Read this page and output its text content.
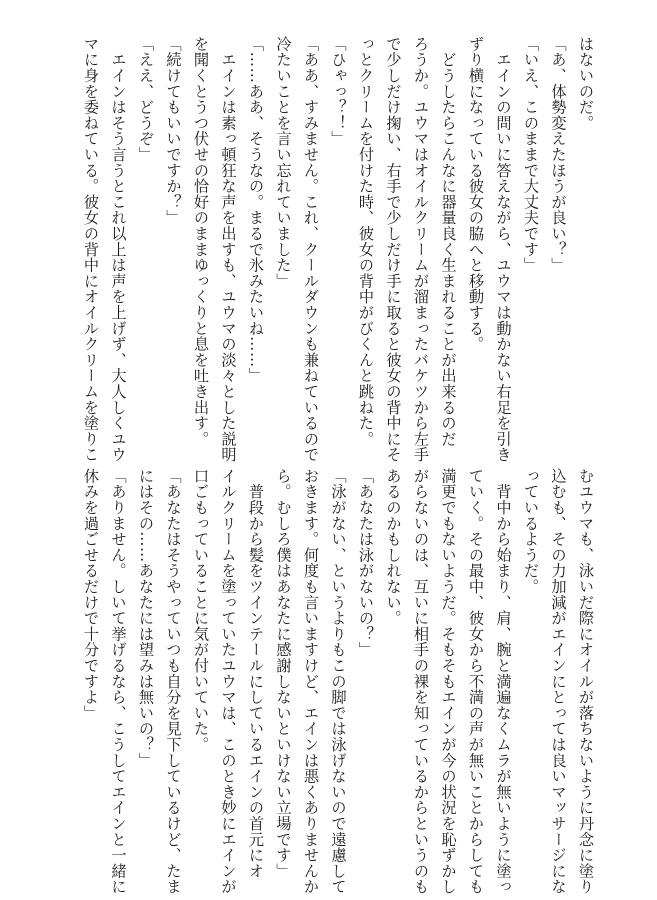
はないのだ。
「あ、体勢変えたほうが良い？」
「いえ、このままで大丈夫です」
　エインの問いに答えながら、ユウマは動かない右足を引き
ずり横になっている彼女の脇へと移動する。
　どうしたらこんなに器量良く生まれることが出来るのだ
ろうか。ユウマはオイルクリームが溜まったバケツから左手
で少しだけ掬い、右手で少しだけ手に取ると彼女の背中にそ
っとクリームを付けた時、彼女の背中がびくんと跳ねた。
「ひゃっ？！」
「ああ、すみません。これ、クールダウンも兼ねているので
冷たいことを言い忘れていました」
「……ああ、そうなの。まるで氷みたいね……」
　エインは素っ頓狂な声を出すも、ユウマの淡々とした説明
を聞くとうつ伏せの恰好のままゆっくりと息を吐き出す。
「続けてもいいですか？」
「ええ、どうぞ」
　エインはそう言うとこれ以上は声を上げず、大人しくユウ
マに身を委ねている。彼女の背中にオイルクリームを塗りこ
むユウマも、泳いだ際にオイルが落ちないように丹念に塗り
込むも、その力加減がエインにとっては良いマッサージにな
っているようだ。
　背中から始まり、肩、腕と満遍なくムラが無いように塗っ
ていく。その最中、彼女から不満の声が無いことからしても
満更でもないようだ。そもそもエインが今の状況を恥ずかし
がらないのは、互いに相手の裸を知っているからというのも
あるのかもしれない。
「あなたは泳がないの？」
「泳がない、というよりもこの脚では泳げないので遠慮して
おきます。何度も言いますけど、エインは悪くありませんか
ら。むしろ僕はあなたに感謝しないといけない立場です」
　普段から髪をツインテールにしているエインの首元にオ
イルクリームを塗っていたユウマは、このとき妙にエインが
口ごもっていることに気が付いていた。
「あなたはそうやっていつも自分を見下しているけど、たま
にはその……あなたには望みは無いの？」
「ありません。しいて挙げるなら、こうしてエインと一緒に
休みを過ごせるだけで十分ですよ」
